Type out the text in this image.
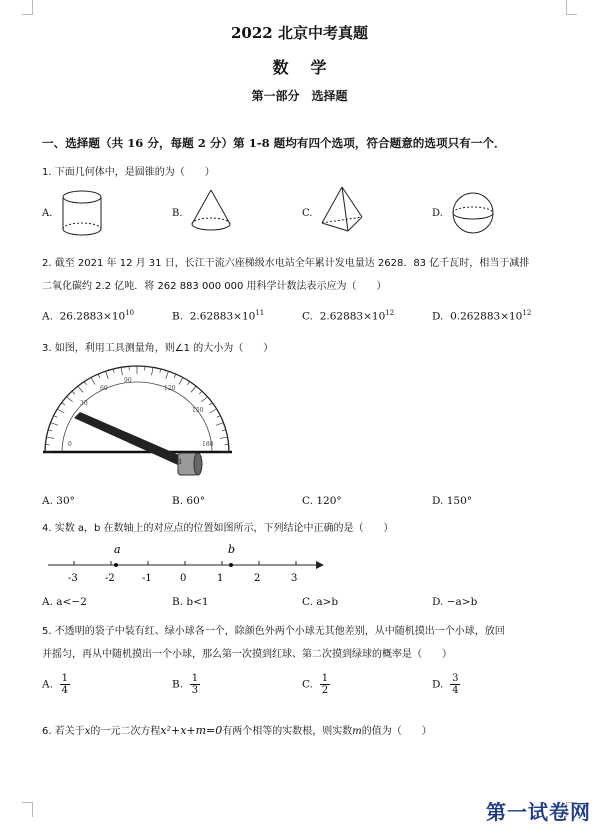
2022 北京中考真题
数学
第一部分　选择题
一、选择题（共 16 分，每题 2 分）第 1-8 题均有四个选项，符合题意的选项只有一个．
1. 下面几何体中，是圆锥的为（　　）
A.	B.	C.	D.
2. 截至 2021 年 12 月 31 日，长江干流六座梯级水电站全年累计发电量达 2628．83 亿千瓦时，相当于减排
二氧化碳约 2.2 亿吨．将 262 883 000 000 用科学计数法表示应为（　　）
A. $26.2883\times 10^{10}$	B. $2.62883\times 10^{11}$	C. $2.62883\times 10^{12}$	D. $0.262883\times 10^{12}$
3. 如图，利用工具测量角，则∠1 的大小为（　　）
0
30
60
90
120
150
180
1
A. 30°	B. 60°	C. 120°	D. 150°
4. 实数 a，b 在数轴上的对应点的位置如图所示，下列结论中正确的是（　　）
-3	-2	-1	0	1	2	3
a	b
A. a<−2	B. b<1	C. a>b	D. −a>b
5. 不透明的袋子中装有红、绿小球各一个，除颜色外两个小球无其他差别，从中随机摸出一个小球，放回
并摇匀，再从中随机摸出一个小球，那么第一次摸到红球、第二次摸到绿球的概率是（　　）
A. $\frac{1}{4}$	B. $\frac{1}{3}$	C. $\frac{1}{2}$	D. $\frac{3}{4}$
6. 若关于x的一元二次方程x²+x+m=0有两个相等的实数根，则实数m的值为（　　）
第一试卷网
